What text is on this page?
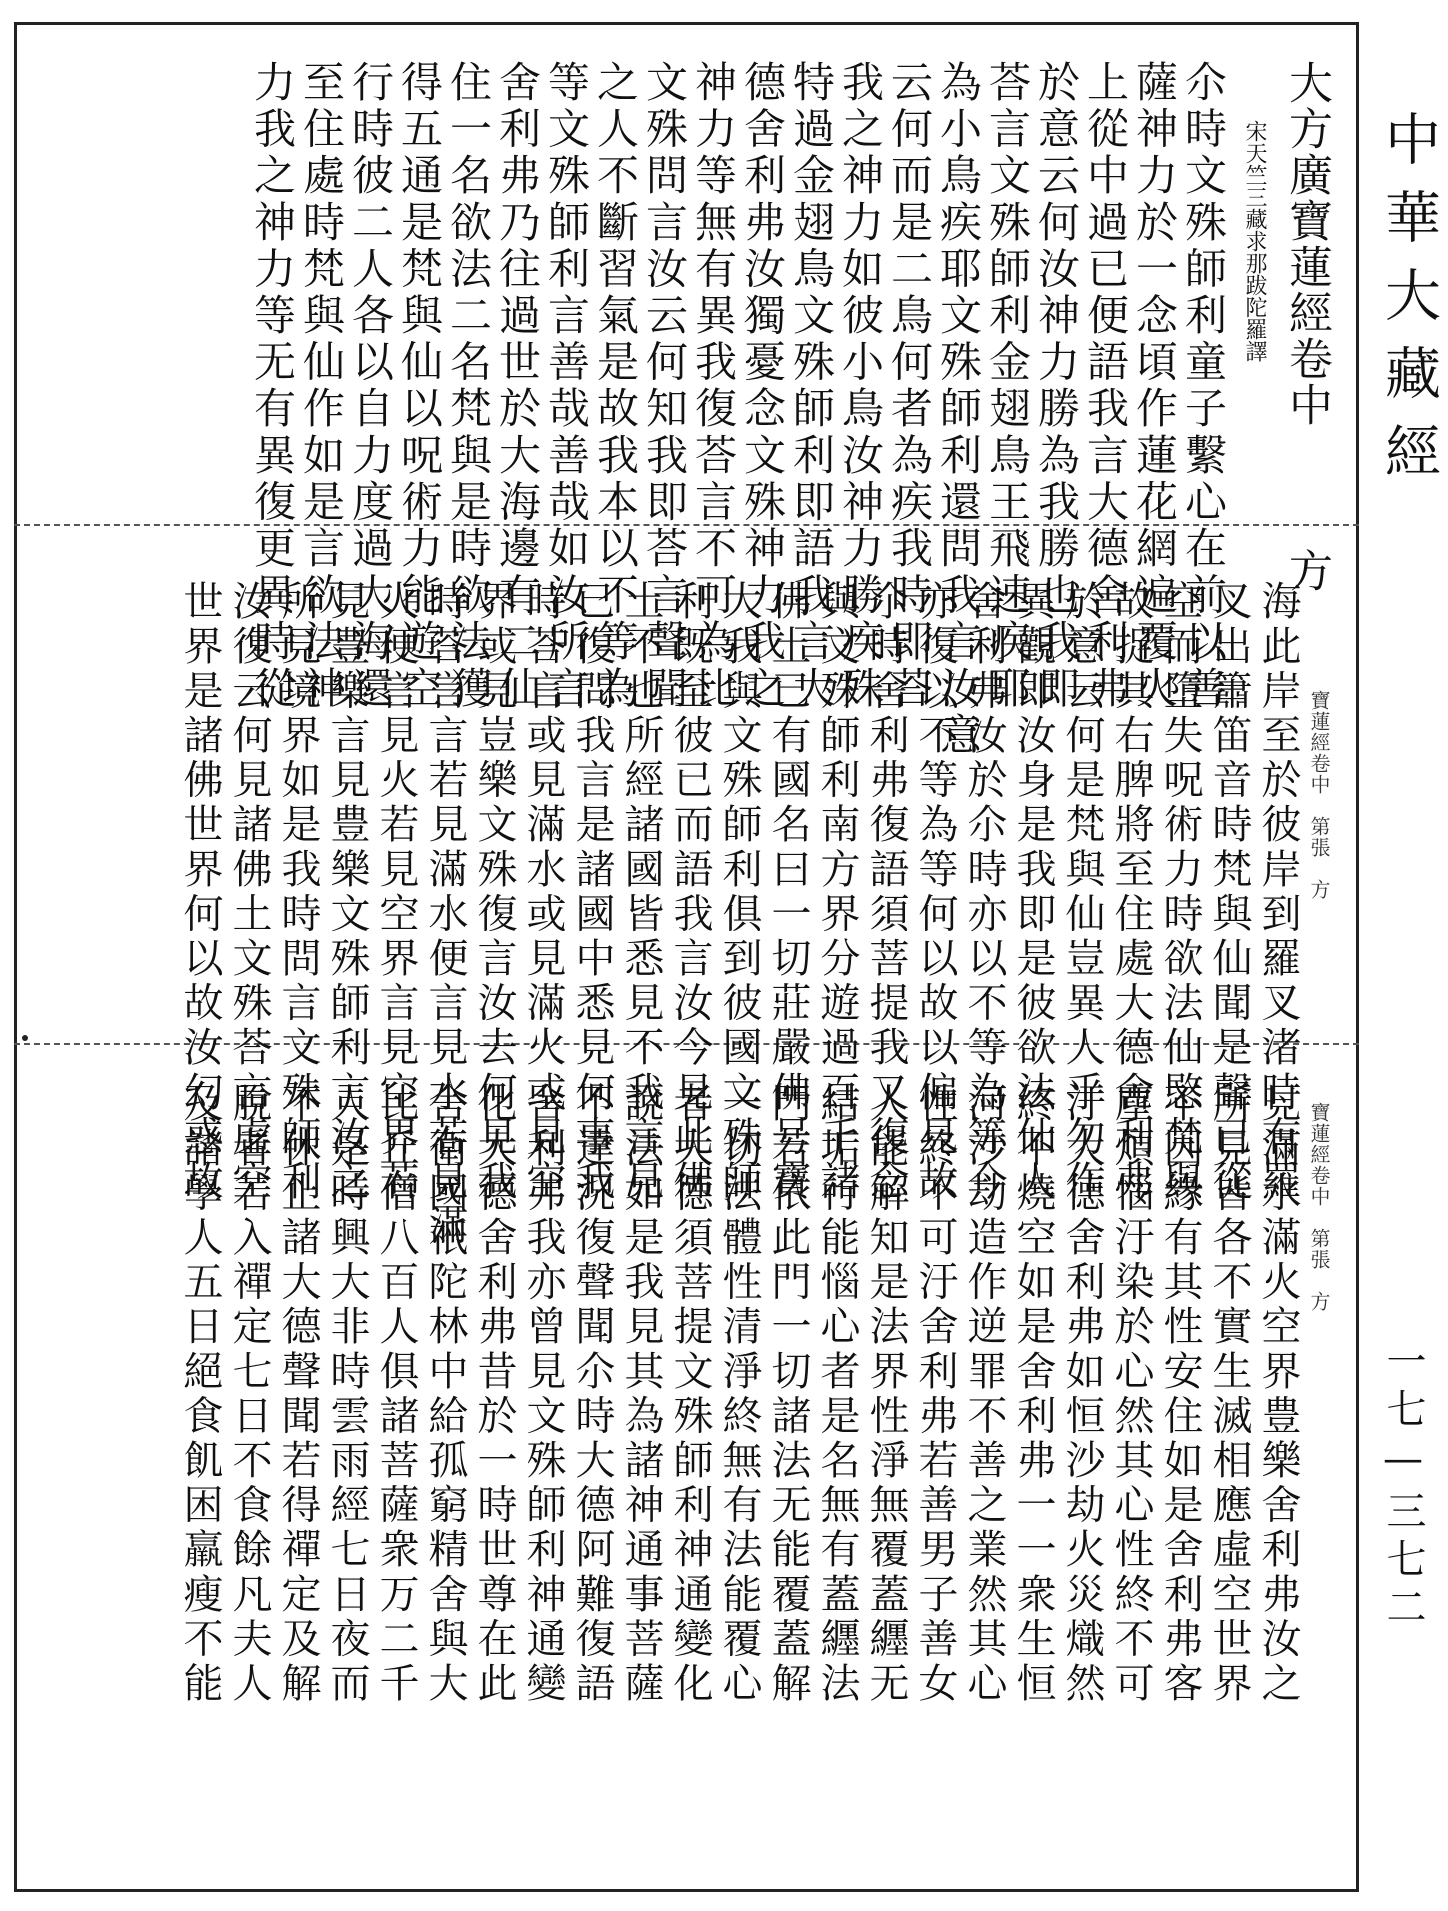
中華大藏經
一七—三七二
大方廣寶蓮經卷中方
宋天竺三藏求那跋陀羅譯
尒時文殊師利童子繫心在前以善
薩神力於一念頃作蓮花網遍覆火
上從中過已便語我言大德舍利弗
於意云何汝神力勝為我勝也我即
荅言文殊師利金翅鳥王飛速疾耶
為小鳥疾耶文殊師利還問我言汝意
云何而是二鳥何者為疾我時即荅
我之神力如彼小鳥汝神力勝疾殊
特過金翅鳥文殊師利即語我言大
德舍利弗汝獨憂念文殊神力我之
神力等無有異我復荅言不可為比
文殊問言汝云何知我即荅言聲聞
之人不斷習氣是故我本以不等為
等文殊師利言善哉善哉如汝所言
舍利弗乃往過世於大海邊有二仙
住一名欲法二名梵與是時欲法獲
得五通是梵與仙以呪術力能遊空
行時彼二人各以自力度過大海還
至住處時梵與仙作如是言欲法神
力我之神力等无有異復更異時從
寶蓮經卷中　第張　方
海此岸至於彼岸到羅叉渚時有羅
叉出簫笛音時梵與仙聞是聲已從
空而墮失呪術力時欲法仙愍梵與
故捉其右脾將至住處大德舍利弗
於意云何是梵與仙豈異人乎勿作
異觀即汝身是我即是彼欲法仙人
舍利弗汝於尒時亦以不等為等今
亦復以不等為等何以故以偏見故
尒時舍利弗復語須菩提我又復念
與文殊師利南方界分遊過百千諸
佛土已有國名曰一切莊嚴佛号寶
大我與文殊師利俱到彼國文殊師
利既至彼已而語我言汝今見此佛
土不也所經諸國皆悉見不我言見
已復問我言是諸國中悉見何事我
時荅言或見滿水或見滿火或見空
界或見豈樂文殊復言汝去何見我
時荅言言若見滿水便言見水若見滿
火便言見火若見空界言見空界若
見豊樂言見豊樂文殊師利言汝之
所見境界如是我時問言文殊師利
汝復云何見諸佛土文殊荅言虛空
世界是諸佛世界何以故汝幻惑故
寶蓮經卷中　第張　方
見滿水滿火空界豊樂舍利弗汝之
所見皆各不實生滅相應虛空世界
不因緣有其性安住如是舍利弗客
塵煩惱汙染於心然其心性終不可
汙大德舍利弗如恒沙劫火災熾然
終不燒空如是舍利弗一一衆生恒
河沙劫造作逆罪不善之業然其心
性終不可汙舍利弗若善男子善女
人能解知是法界性淨無覆蓋纒无
結垢行能惱心者是名無有蓋纒法
門若依此門一切諸法无能覆蓋解
一切法體性清淨終無有法能覆心
者大德須菩提文殊師利神通變化
說法如是我見其為諸神通事菩薩
不達況復聲聞尒時大德阿難復語
舍利弗我亦曾見文殊師利神通變
化大德舍利弗昔於一時世尊在此
舍衛國祇陀林中給孤窮精舍與大
比丘僧八百人俱諸菩薩衆万二千
人是時興大非時雲雨經七日夜而
不休止諸大德聲聞若得禪定及解
脫者若入禪定七日不食餘凡夫人
及諸學人五日絕食飢困羸瘦不能
